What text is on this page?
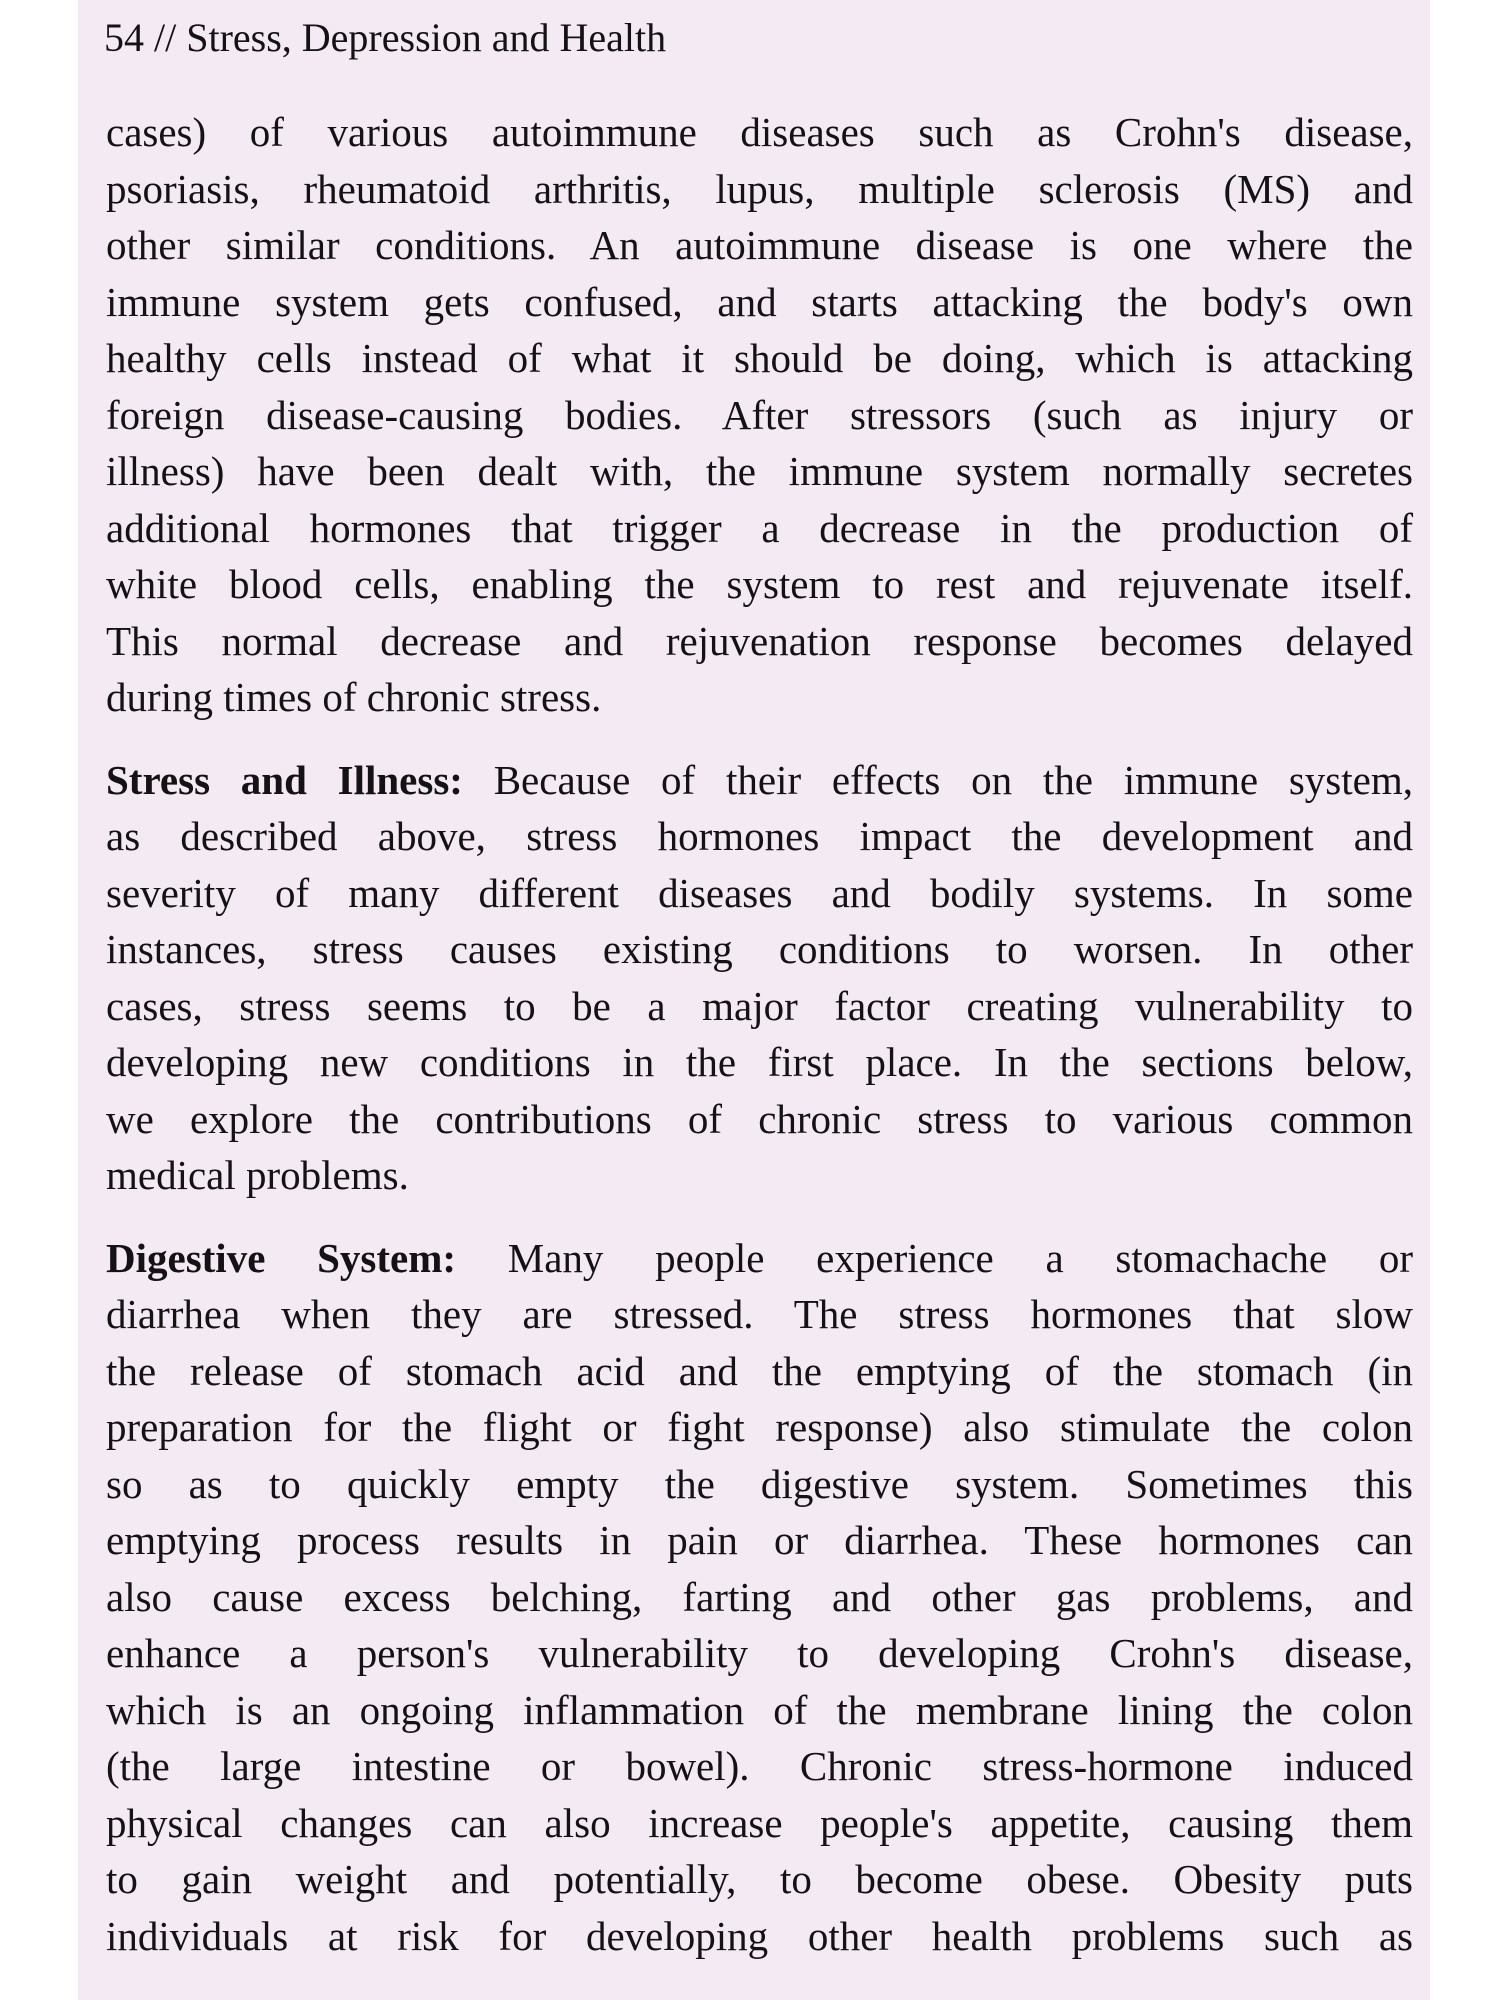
54 // Stress, Depression and Health
cases) of various autoimmune diseases such as Crohn's disease,
psoriasis, rheumatoid arthritis, lupus, multiple sclerosis (MS) and
other similar conditions. An autoimmune disease is one where the
immune system gets confused, and starts attacking the body's own
healthy cells instead of what it should be doing, which is attacking
foreign disease-causing bodies. After stressors (such as injury or
illness) have been dealt with, the immune system normally secretes
additional hormones that trigger a decrease in the production of
white blood cells, enabling the system to rest and rejuvenate itself.
This normal decrease and rejuvenation response becomes delayed
during times of chronic stress.
Stress and Illness: Because of their effects on the immune system,
as described above, stress hormones impact the development and
severity of many different diseases and bodily systems. In some
instances, stress causes existing conditions to worsen. In other
cases, stress seems to be a major factor creating vulnerability to
developing new conditions in the first place. In the sections below,
we explore the contributions of chronic stress to various common
medical problems.
Digestive System: Many people experience a stomachache or
diarrhea when they are stressed. The stress hormones that slow
the release of stomach acid and the emptying of the stomach (in
preparation for the flight or fight response) also stimulate the colon
so as to quickly empty the digestive system. Sometimes this
emptying process results in pain or diarrhea. These hormones can
also cause excess belching, farting and other gas problems, and
enhance a person's vulnerability to developing Crohn's disease,
which is an ongoing inflammation of the membrane lining the colon
(the large intestine or bowel). Chronic stress-hormone induced
physical changes can also increase people's appetite, causing them
to gain weight and potentially, to become obese. Obesity puts
individuals at risk for developing other health problems such as
